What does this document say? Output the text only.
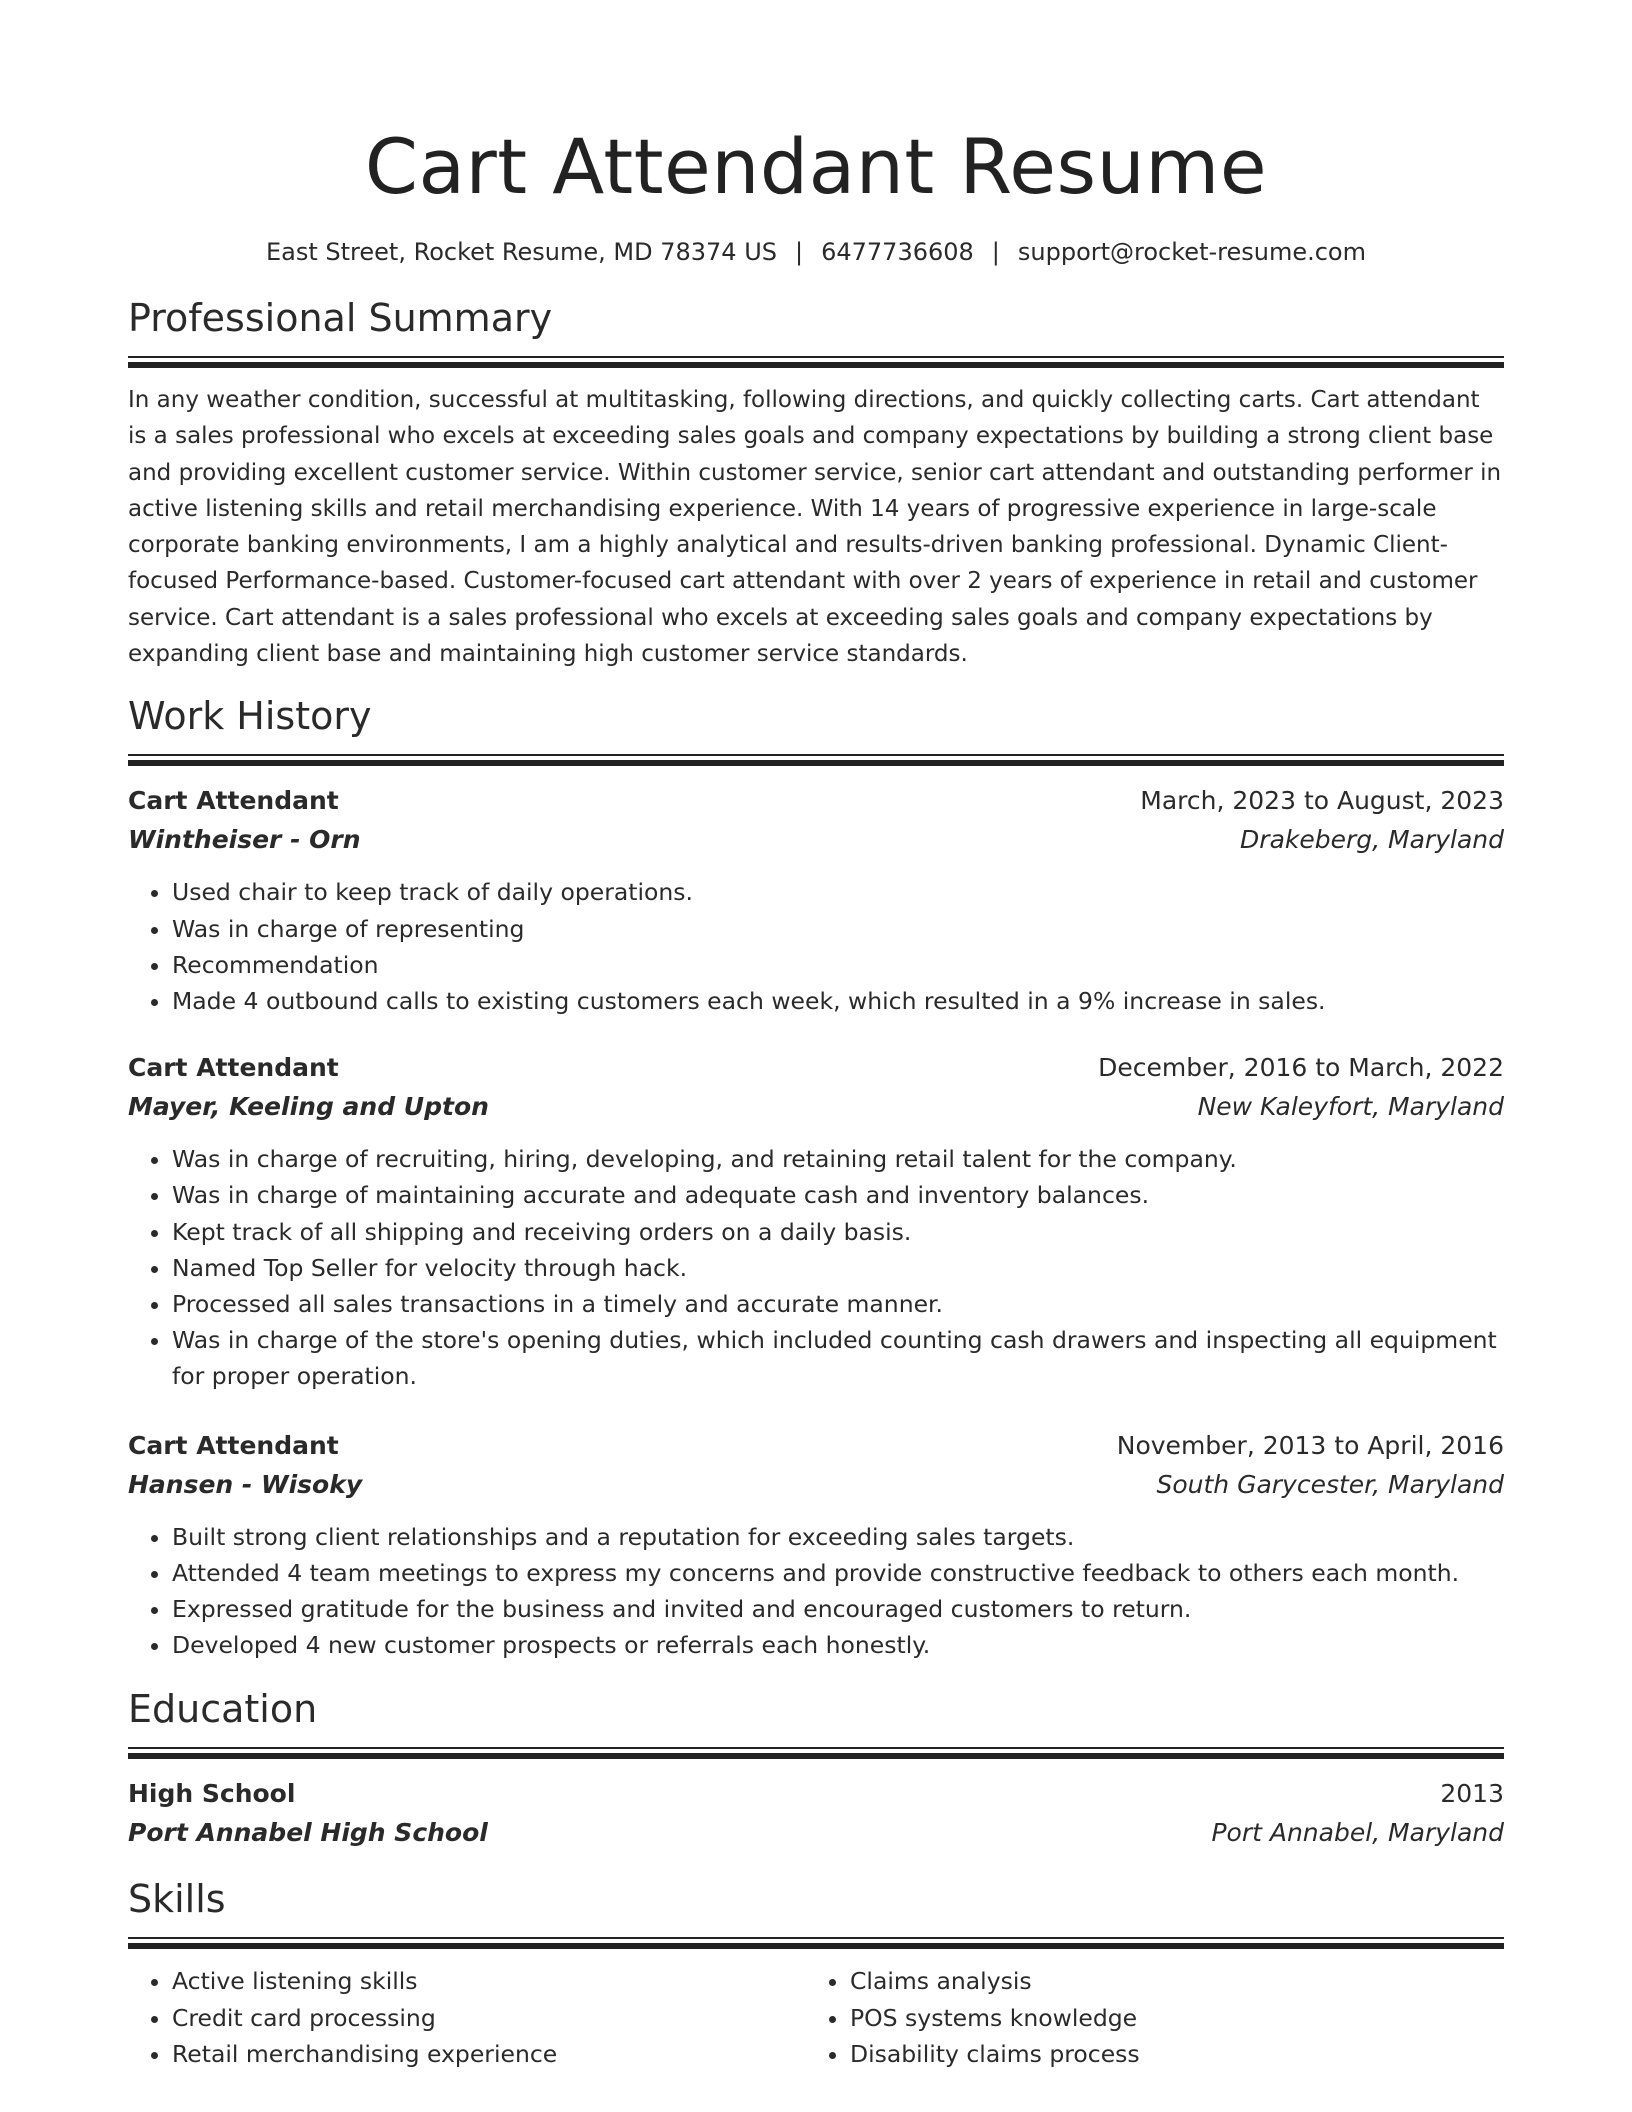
Cart Attendant Resume
East Street, Rocket Resume, MD 78374 US | 6477736608 | support@rocket-resume.com
Professional Summary

In any weather condition, successful at multitasking, following directions, and quickly collecting carts. Cart attendant is a sales professional who excels at exceeding sales goals and company expectations by building a strong client base and providing excellent customer service. Within customer service, senior cart attendant and outstanding performer in active listening skills and retail merchandising experience. With 14 years of progressive experience in large-scale corporate banking environments, I am a highly analytical and results-driven banking professional. Dynamic Client-focused Performance-based. Customer-focused cart attendant with over 2 years of experience in retail and customer service. Cart attendant is a sales professional who excels at exceeding sales goals and company expectations by expanding client base and maintaining high customer service standards.

Work History
Cart Attendant	March, 2023 to August, 2023
Wintheiser - Orn	Drakeberg, Maryland
• Used chair to keep track of daily operations.
• Was in charge of representing
• Recommendation
• Made 4 outbound calls to existing customers each week, which resulted in a 9% increase in sales.
Cart Attendant	December, 2016 to March, 2022
Mayer, Keeling and Upton	New Kaleyfort, Maryland
• Was in charge of recruiting, hiring, developing, and retaining retail talent for the company.
• Was in charge of maintaining accurate and adequate cash and inventory balances.
• Kept track of all shipping and receiving orders on a daily basis.
• Named Top Seller for velocity through hack.
• Processed all sales transactions in a timely and accurate manner.
• Was in charge of the store's opening duties, which included counting cash drawers and inspecting all equipment for proper operation.
Cart Attendant	November, 2013 to April, 2016
Hansen - Wisoky	South Garycester, Maryland
• Built strong client relationships and a reputation for exceeding sales targets.
• Attended 4 team meetings to express my concerns and provide constructive feedback to others each month.
• Expressed gratitude for the business and invited and encouraged customers to return.
• Developed 4 new customer prospects or referrals each honestly.
Education
High School	2013
Port Annabel High School	Port Annabel, Maryland
Skills
• Active listening skills
• Credit card processing
• Retail merchandising experience
• Claims analysis
• POS systems knowledge
• Disability claims process
